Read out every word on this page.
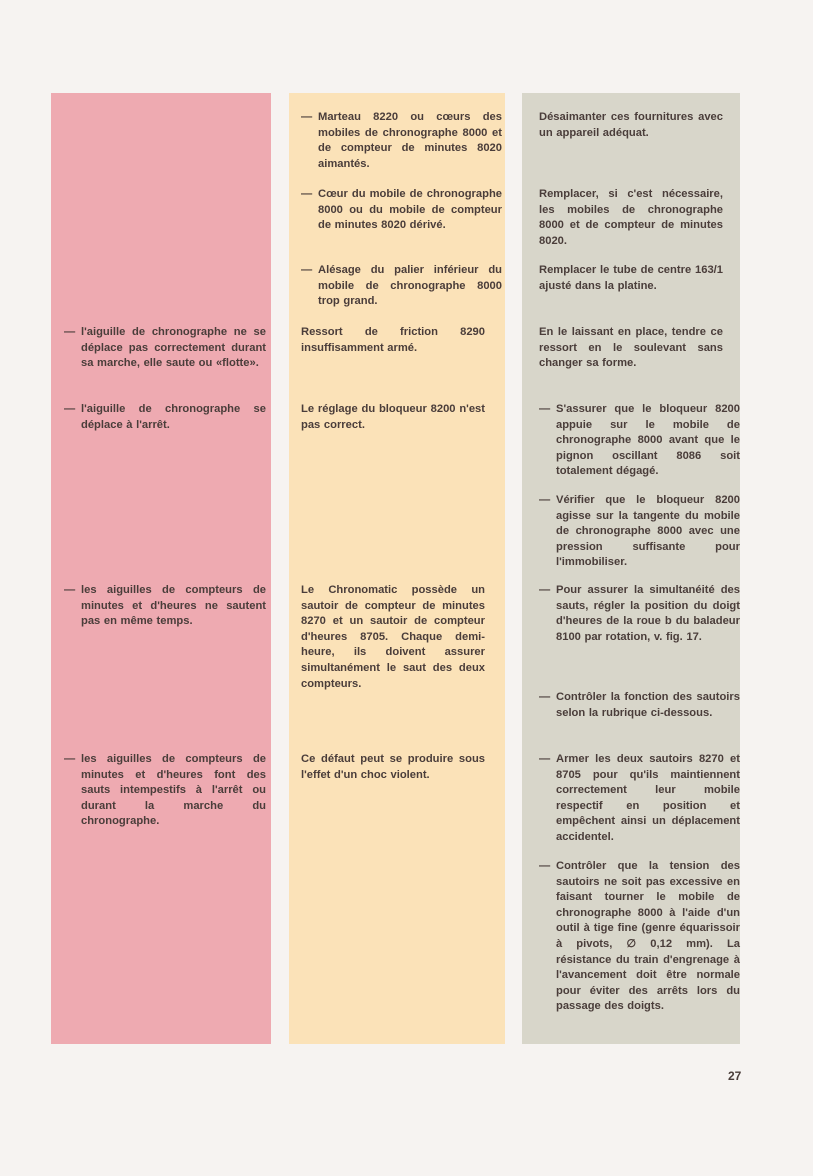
— l'aiguille de chronographe ne se déplace pas correctement durant sa marche, elle saute ou «flotte».
— l'aiguille de chronographe se déplace à l'arrêt.
— les aiguilles de compteurs de minutes et d'heures ne sautent pas en même temps.
— les aiguilles de compteurs de minutes et d'heures font des sauts intempestifs à l'arrêt ou durant la marche du chronographe.
— Marteau 8220 ou cœurs des mobiles de chronographe 8000 et de compteur de minutes 8020 aimantés.
— Cœur du mobile de chronographe 8000 ou du mobile de compteur de minutes 8020 dérivé.
— Alésage du palier inférieur du mobile de chronographe 8000 trop grand.
Ressort de friction 8290 insuffisamment armé.
Le réglage du bloqueur 8200 n'est pas correct.
Le Chronomatic possède un sautoir de compteur de minutes 8270 et un sautoir de compteur d'heures 8705. Chaque demi-heure, ils doivent assurer simultanément le saut des deux compteurs.
Ce défaut peut se produire sous l'effet d'un choc violent.
Désaimanter ces fournitures avec un appareil adéquat.
Remplacer, si c'est nécessaire, les mobiles de chronographe 8000 et de compteur de minutes 8020.
Remplacer le tube de centre 163/1 ajusté dans la platine.
En le laissant en place, tendre ce ressort en le soulevant sans changer sa forme.
— S'assurer que le bloqueur 8200 appuie sur le mobile de chronographe 8000 avant que le pignon oscillant 8086 soit totalement dégagé.
— Vérifier que le bloqueur 8200 agisse sur la tangente du mobile de chronographe 8000 avec une pression suffisante pour l'immobiliser.
— Pour assurer la simultanéité des sauts, régler la position du doigt d'heures de la roue b du baladeur 8100 par rotation, v. fig. 17.
— Contrôler la fonction des sautoirs selon la rubrique ci-dessous.
— Armer les deux sautoirs 8270 et 8705 pour qu'ils maintiennent correctement leur mobile respectif en position et empêchent ainsi un déplacement accidentel.
— Contrôler que la tension des sautoirs ne soit pas excessive en faisant tourner le mobile de chronographe 8000 à l'aide d'un outil à tige fine (genre équarissoir à pivots, ∅ 0,12 mm). La résistance du train d'engrenage à l'avancement doit être normale pour éviter des arrêts lors du passage des doigts.
27
